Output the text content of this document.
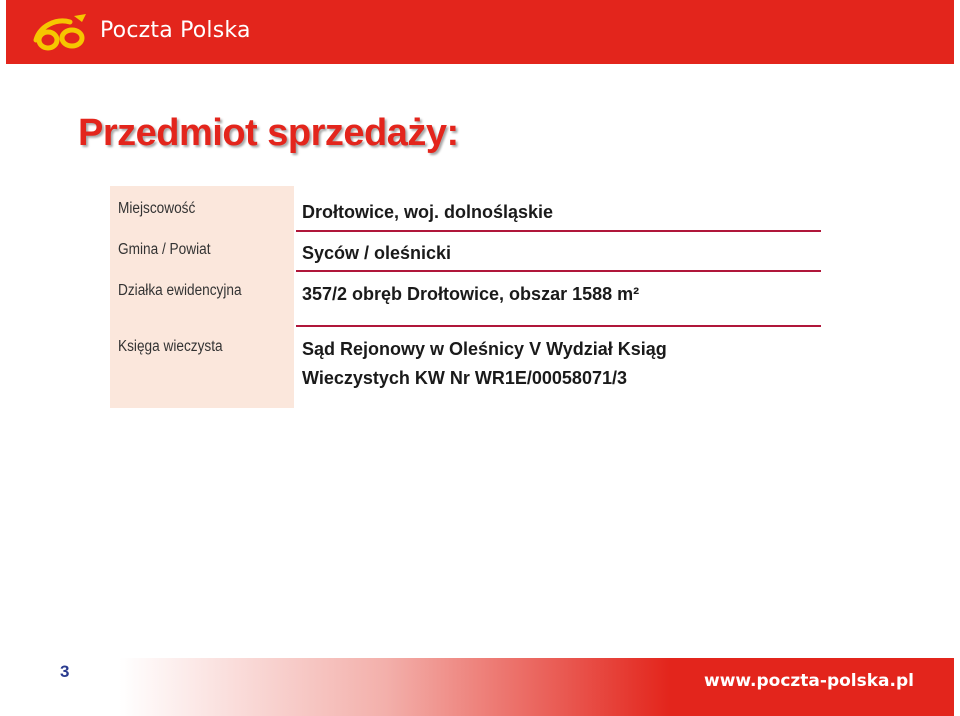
Poczta Polska
Przedmiot sprzedaży:
Miejscowość	Drołtowice, woj. dolnośląskie
Gmina / Powiat	Syców / oleśnicki
Działka ewidencyjna	357/2 obręb Drołtowice, obszar 1588 m²
Księga wieczysta	Sąd Rejonowy w Oleśnicy V Wydział Ksiąg
Wieczystych KW Nr WR1E/00058071/3
www.poczta-polska.pl
3
